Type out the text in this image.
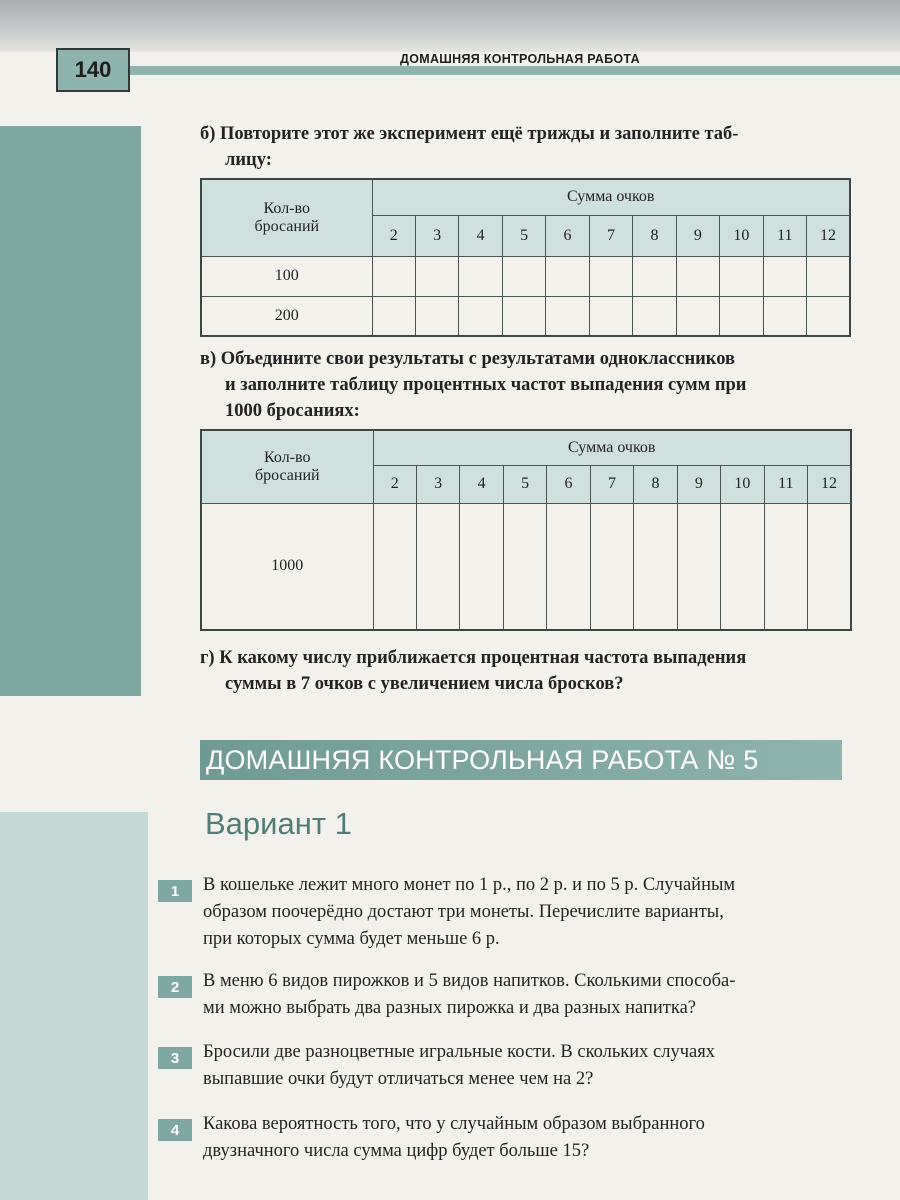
140	ДОМАШНЯЯ КОНТРОЛЬНАЯ РАБОТА
б) Повторите этот же эксперимент ещё трижды и заполните таб-
лицу:
Кол-во
бросаний	Сумма очков										
	2	3	4	5	6	7	8	9	10	11	12
100											
200											
в) Объедините свои результаты с результатами одноклассников
и заполните таблицу процентных частот выпадения сумм при
1000 бросаниях:
Кол-во
бросаний	Сумма очков										
	2	3	4	5	6	7	8	9	10	11	12
1000											
г) К какому числу приближается процентная частота выпадения
суммы в 7 очков с увеличением числа бросков?
ДОМАШНЯЯ КОНТРОЛЬНАЯ РАБОТА № 5
Вариант 1
1	В кошельке лежит много монет по 1 р., по 2 р. и по 5 р. Случайным
образом поочерёдно достают три монеты. Перечислите варианты,
при которых сумма будет меньше 6 р.
2	В меню 6 видов пирожков и 5 видов напитков. Сколькими способа-
ми можно выбрать два разных пирожка и два разных напитка?
3	Бросили две разноцветные игральные кости. В скольких случаях
выпавшие очки будут отличаться менее чем на 2?
4	Какова вероятность того, что у случайным образом выбранного
двузначного числа сумма цифр будет больше 15?
